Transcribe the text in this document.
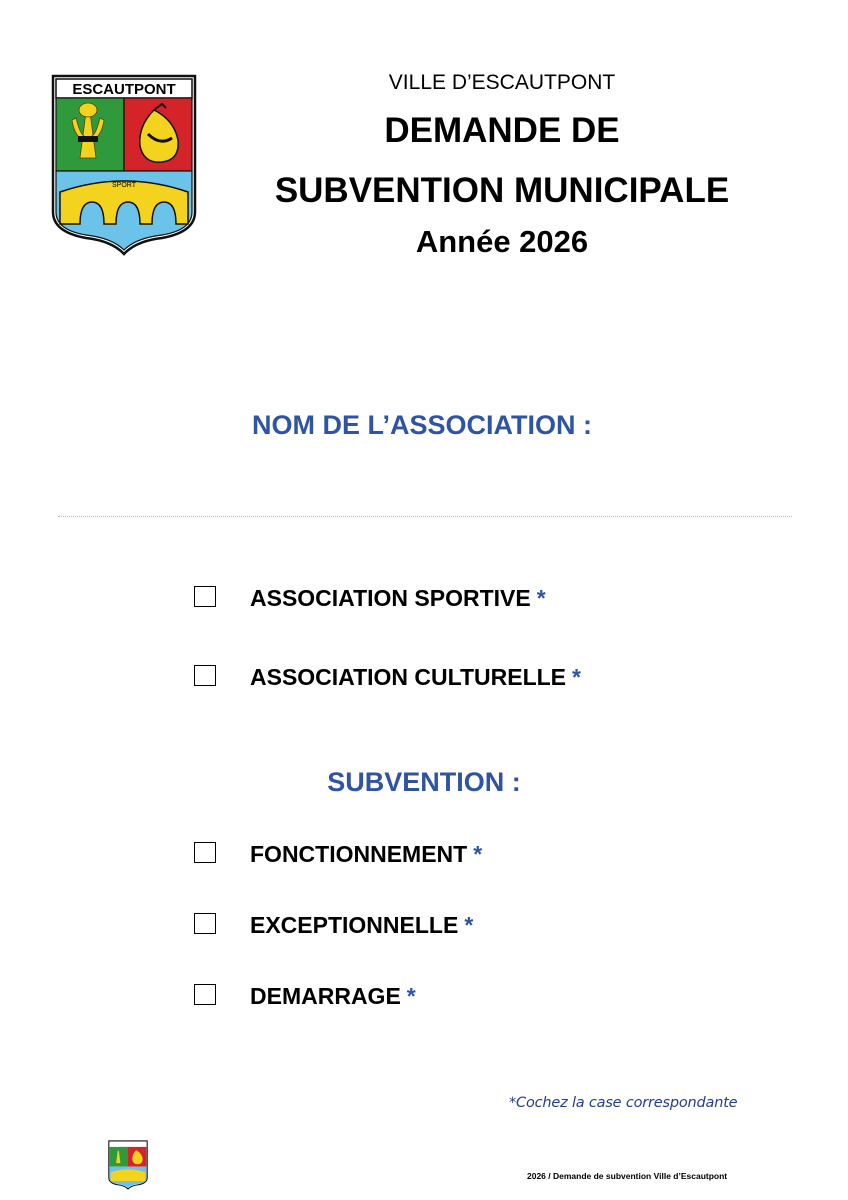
ESCAUTPONT
SPORT
VILLE D’ESCAUTPONT
DEMANDE DE
SUBVENTION MUNICIPALE
Année 2026
NOM DE L’ASSOCIATION :
ASSOCIATION SPORTIVE *
ASSOCIATION CULTURELLE *
SUBVENTION :
FONCTIONNEMENT *
EXCEPTIONNELLE *
DEMARRAGE *
*Cochez la case correspondante
2026 / Demande de subvention Ville d’Escautpont
